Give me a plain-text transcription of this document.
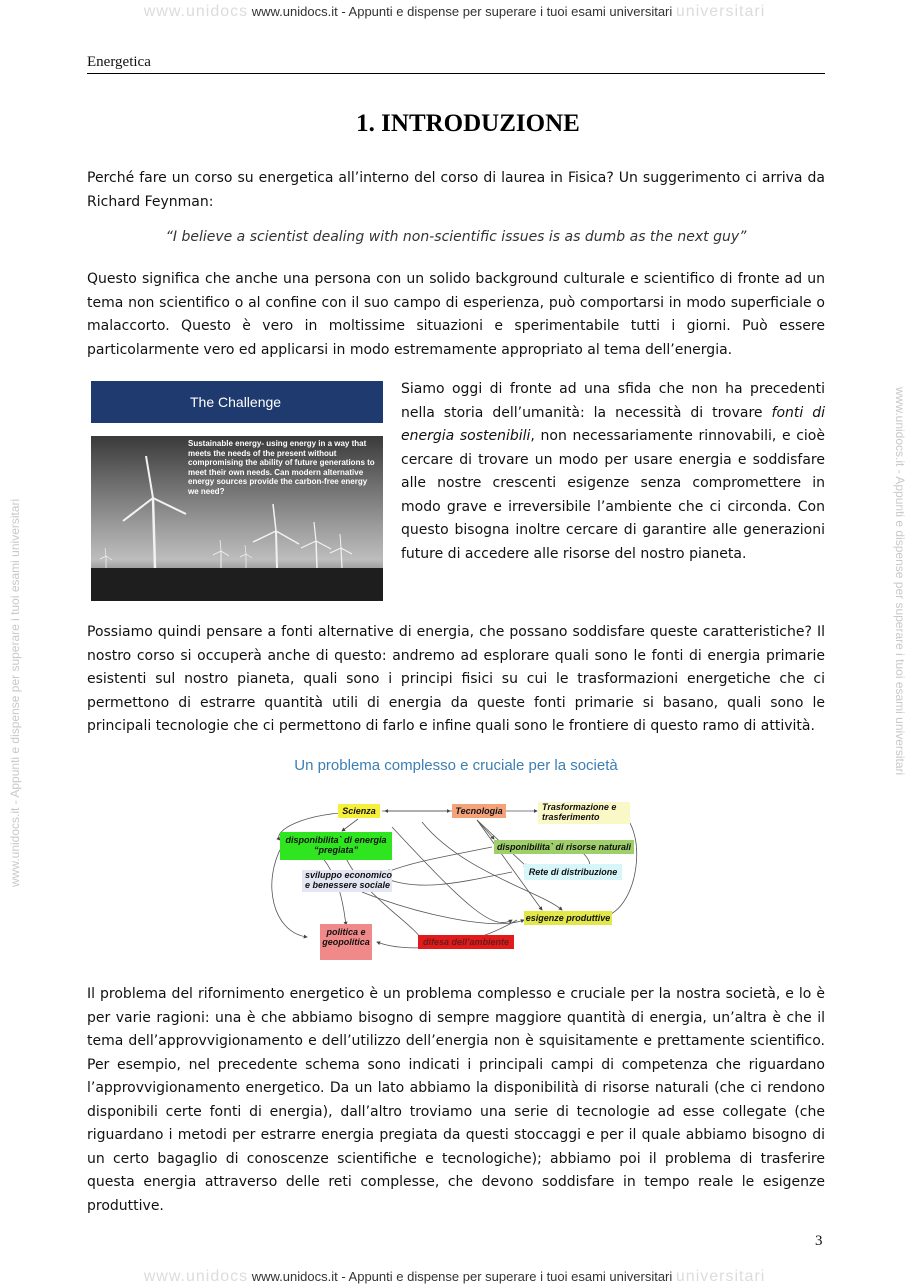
www.unidocs www.unidocs.it - Appunti e dispense per superare i tuoi esami universitari universitari
www.unidocs.it - Appunti e dispense per superare i tuoi esami universitari	www.unidocs.it - Appunti e dispense per superare i tuoi esami universitari
Energetica
1. INTRODUZIONE

Perché fare un corso su energetica all’interno del corso di laurea in Fisica? Un suggerimento ci arriva da Richard Feynman:

“I believe a scientist dealing with non-scientific issues is as dumb as the next guy”

Questo significa che anche una persona con un solido background culturale e scientifico di fronte ad un tema non scientifico o al confine con il suo campo di esperienza, può comportarsi in modo superficiale o malaccorto. Questo è vero in moltissime situazioni e sperimentabile tutti i giorni. Può essere particolarmente vero ed applicarsi in modo estremamente appropriato al tema dell’energia.

The Challenge
Sustainable energy- using energy in a way that meets the needs of the present without compromising the ability of future generations to meet their own needs. Can modern alternative energy sources provide the carbon-free energy we need?

Siamo oggi di fronte ad una sfida che non ha precedenti nella storia dell’umanità: la necessità di trovare fonti di energia sostenibili, non necessariamente rinnovabili, e cioè cercare di trovare un modo per usare energia e soddisfare alle nostre crescenti esigenze senza compromettere in modo grave e irreversibile l’ambiente che ci circonda. Con questo bisogna inoltre cercare di garantire alle generazioni future di accedere alle risorse del nostro pianeta.

Possiamo quindi pensare a fonti alternative di energia, che possano soddisfare queste caratteristiche? Il nostro corso si occuperà anche di questo: andremo ad esplorare quali sono le fonti di energia primarie esistenti sul nostro pianeta, quali sono i principi fisici su cui le trasformazioni energetiche che ci permettono di estrarre quantità utili di energia da queste fonti primarie si basano, quali sono le principali tecnologie che ci permettono di farlo e infine quali sono le frontiere di questo ramo di attività.

Un problema complesso e cruciale per la società
Scienza	Tecnologia	Trasformazione e trasferimento
disponibilita` di energia “pregiata”	disponibilita` di risorse naturali
sviluppo economico e benessere sociale
Rete di distribuzione
esigenze produttive
politica e geopolitica	difesa dell’ambiente

Il problema del rifornimento energetico è un problema complesso e cruciale per la nostra società, e lo è per varie ragioni: una è che abbiamo bisogno di sempre maggiore quantità di energia, un’altra è che il tema dell’approvvigionamento e dell’utilizzo dell’energia non è squisitamente e prettamente scientifico. Per esempio, nel precedente schema sono indicati i principali campi di competenza che riguardano l’approvvigionamento energetico. Da un lato abbiamo la disponibilità di risorse naturali (che ci rendono disponibili certe fonti di energia), dall’altro troviamo una serie di tecnologie ad esse collegate (che riguardano i metodi per estrarre energia pregiata da questi stoccaggi e per il quale abbiamo bisogno di un certo bagaglio di conoscenze scientifiche e tecnologiche); abbiamo poi il problema di trasferire questa energia attraverso delle reti complesse, che devono soddisfare in tempo reale le esigenze produttive.

3
www.unidocs www.unidocs.it - Appunti e dispense per superare i tuoi esami universitari universitari
